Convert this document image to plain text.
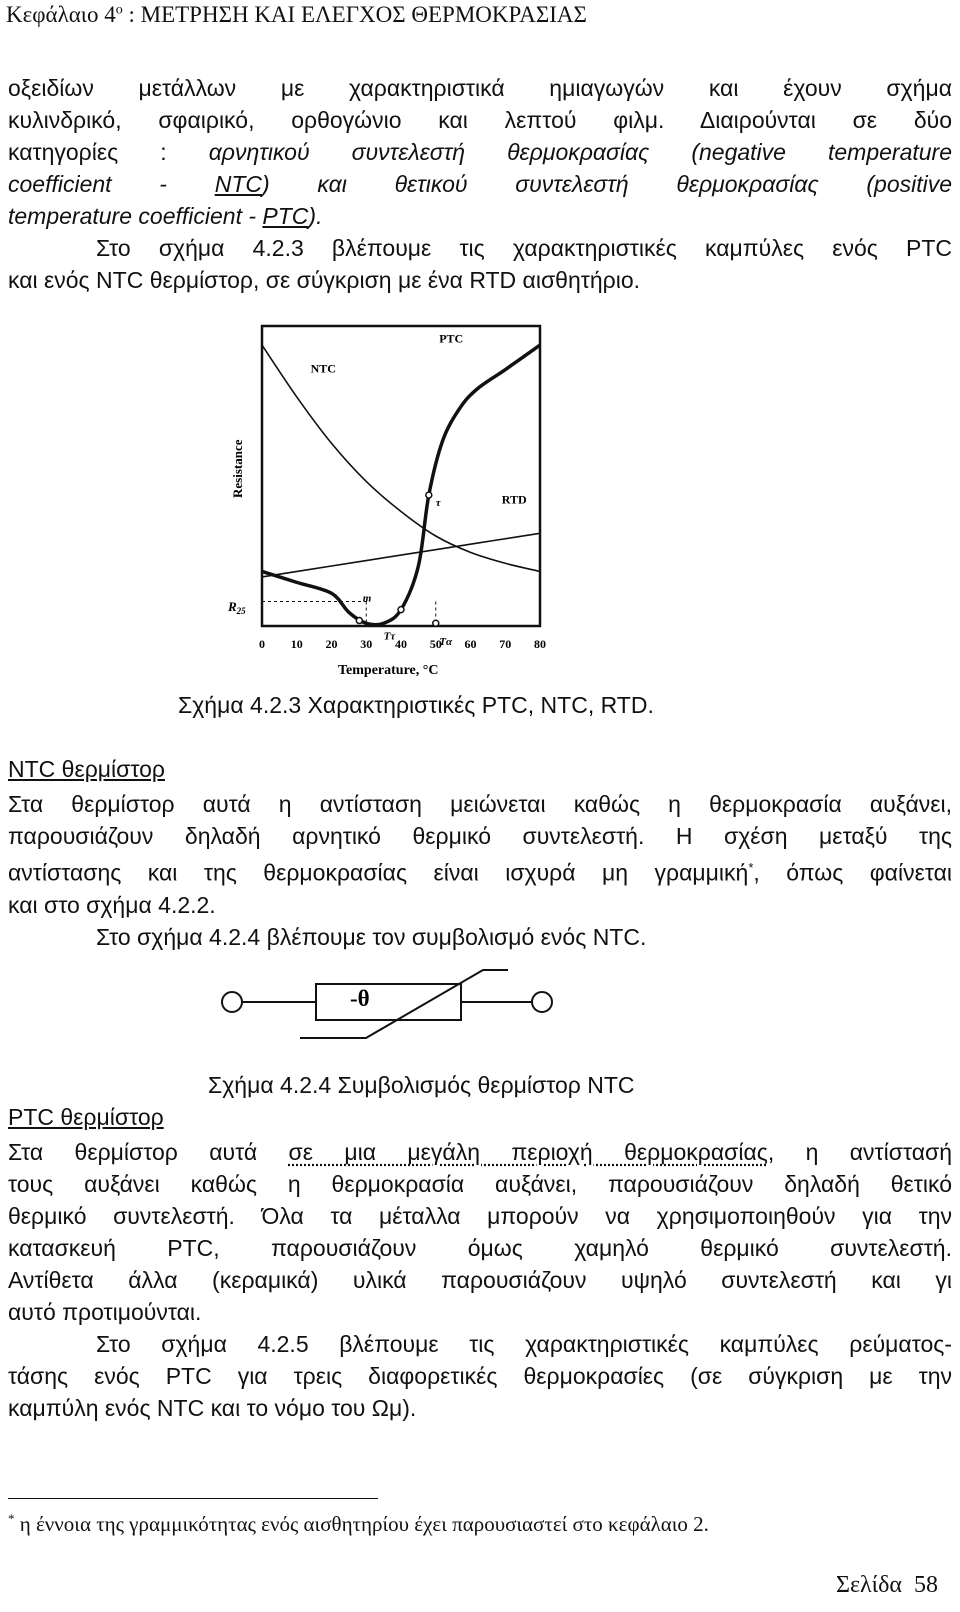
Κεφάλαιο $4^o$ : ΜΕΤΡΗΣΗ ΚΑΙ ΕΛΕΓΧΟΣ ΘΕΡΜΟΚΡΑΣΙΑΣ
οξειδίων μετάλλων με χαρακτηριστικά ημιαγωγών και έχουν σχήμα
κυλινδρικό, σφαιρικό, ορθογώνιο και λεπτού φιλμ. Διαιρούνται σε δύο
κατηγορίες : αρνητικού συντελεστή θερμοκρασίας (negative temperature
coefficient - NTC) και θετικού συντελεστή θερμοκρασίας (positive
temperature coefficient - PTC).
Στο σχήμα 4.2.3 βλέπουμε τις χαρακτηριστικές καμπύλες ενός PTC
και ενός NTC θερμίστορ, σε σύγκριση με ένα RTD αισθητήριο.
0 10 20 30 40 50 60 70 80
NTC
RTD
PTC
m
τ
Tτ	Tα
Resistance
Temperature, °C
$R_{25}$
Σχήμα 4.2.3 Χαρακτηριστικές PTC, NTC, RTD.
NTC θερμίστορ
Στα θερμίστορ αυτά η αντίσταση μειώνεται καθώς η θερμοκρασία αυξάνει,
παρουσιάζουν δηλαδή αρνητικό θερμικό συντελεστή. Η σχέση μεταξύ της
αντίστασης και της θερμοκρασίας είναι ισχυρά μη γραμμική*, όπως φαίνεται
και στο σχήμα 4.2.2.
Στο σχήμα 4.2.4 βλέπουμε τον συμβολισμό ενός NTC.
-θ
Σχήμα 4.2.4 Συμβολισμός θερμίστορ NTC
PTC θερμίστορ
Στα θερμίστορ αυτά σε μια μεγάλη περιοχή θερμοκρασίας, η αντίστασή
τους αυξάνει καθώς η θερμοκρασία αυξάνει, παρουσιάζουν δηλαδή θετικό
θερμικό συντελεστή. Όλα τα μέταλλα μπορούν να χρησιμοποιηθούν για την
κατασκευή PTC, παρουσιάζουν όμως χαμηλό θερμικό συντελεστή.
Αντίθετα άλλα (κεραμικά) υλικά παρουσιάζουν υψηλό συντελεστή και γι
αυτό προτιμούνται.
Στο σχήμα 4.2.5 βλέπουμε τις χαρακτηριστικές καμπύλες ρεύματος-
τάσης ενός PTC για τρεις διαφορετικές θερμοκρασίες (σε σύγκριση με την
καμπύλη ενός NTC και το νόμο του Ωμ).
* η έννοια της γραμμικότητας ενός αισθητηρίου έχει παρουσιαστεί στο κεφάλαιο 2.
Σελίδα 58
